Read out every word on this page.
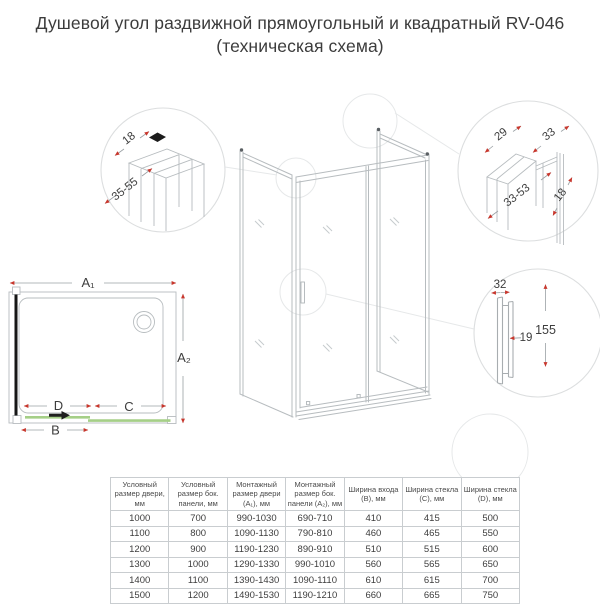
Душевой угол раздвижной прямоугольный и квадратный RV-046
(техническая схема)
A₁
A₂
D	C
B
18
35-55
29	33
33-53 18
32
19
155
Условный размер двери, мм	Условный размер бок. панели, мм	Монтажный размер двери (A₁), мм	Монтажный размер бок. панели (A₂), мм	Ширина входа (B), мм	Ширина стекла (C), мм	Ширина стекла (D), мм
1000	700	990-1030	690-710	410	415	500
1100	800	1090-1130	790-810	460	465	550
1200	900	1190-1230	890-910	510	515	600
1300	1000	1290-1330	990-1010	560	565	650
1400	1100	1390-1430	1090-1110	610	615	700
1500	1200	1490-1530	1190-1210	660	665	750
